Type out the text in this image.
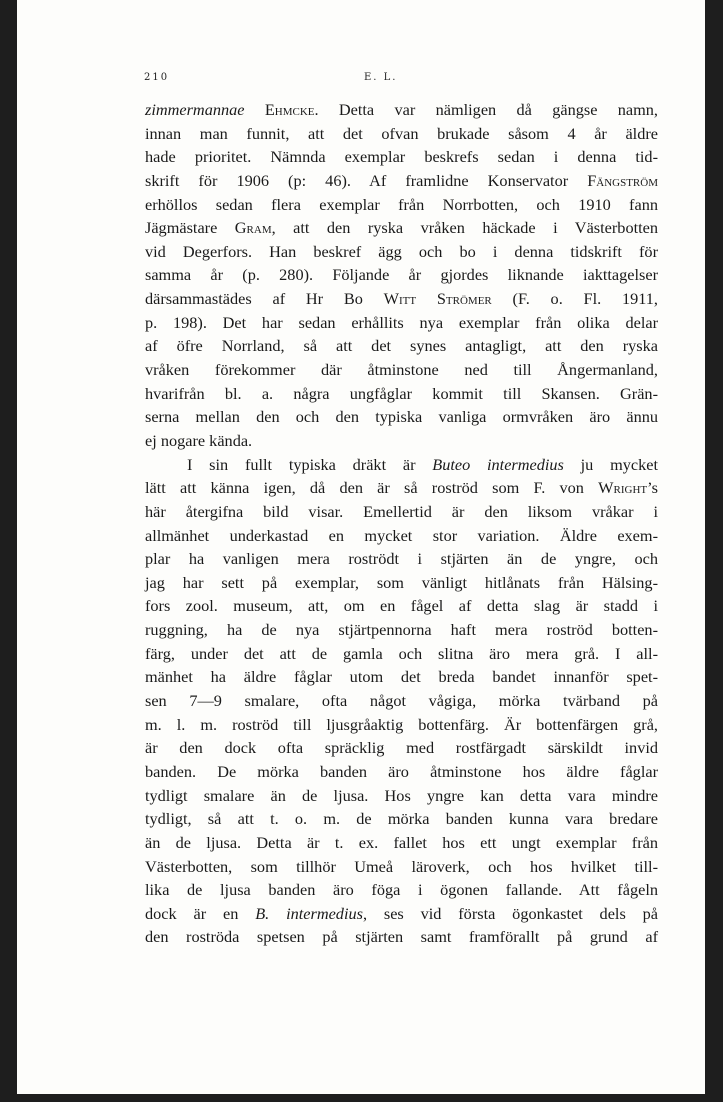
210	E. L.
zimmermannae Ehmcke. Detta var nämligen då gängse namn,
innan man funnit, att det ofvan brukade såsom 4 år äldre
hade prioritet. Nämnda exemplar beskrefs sedan i denna tid-
skrift för 1906 (p: 46). Af framlidne Konservator Fängström
erhöllos sedan flera exemplar från Norrbotten, och 1910 fann
Jägmästare Gram, att den ryska vråken häckade i Västerbotten
vid Degerfors. Han beskref ägg och bo i denna tidskrift för
samma år (p. 280). Följande år gjordes liknande iakttagelser
därsammastädes af Hr Bo Witt Strömer (F. o. Fl. 1911,
p. 198). Det har sedan erhållits nya exemplar från olika delar
af öfre Norrland, så att det synes antagligt, att den ryska
vråken förekommer där åtminstone ned till Ångermanland,
hvarifrån bl. a. några ungfåglar kommit till Skansen. Grän-
serna mellan den och den typiska vanliga ormvråken äro ännu
ej nogare kända.
I sin fullt typiska dräkt är Buteo intermedius ju mycket
lätt att känna igen, då den är så roströd som F. von Wright’s
här återgifna bild visar. Emellertid är den liksom vråkar i
allmänhet underkastad en mycket stor variation. Äldre exem-
plar ha vanligen mera roströdt i stjärten än de yngre, och
jag har sett på exemplar, som vänligt hitlånats från Hälsing-
fors zool. museum, att, om en fågel af detta slag är stadd i
ruggning, ha de nya stjärtpennorna haft mera roströd botten-
färg, under det att de gamla och slitna äro mera grå. I all-
mänhet ha äldre fåglar utom det breda bandet innanför spet-
sen 7—9 smalare, ofta något vågiga, mörka tvärband på
m. l. m. roströd till ljusgråaktig bottenfärg. Är bottenfärgen grå,
är den dock ofta spräcklig med rostfärgadt särskildt invid
banden. De mörka banden äro åtminstone hos äldre fåglar
tydligt smalare än de ljusa. Hos yngre kan detta vara mindre
tydligt, så att t. o. m. de mörka banden kunna vara bredare
än de ljusa. Detta är t. ex. fallet hos ett ungt exemplar från
Västerbotten, som tillhör Umeå läroverk, och hos hvilket till-
lika de ljusa banden äro föga i ögonen fallande. Att fågeln
dock är en B. intermedius, ses vid första ögonkastet dels på
den roströda spetsen på stjärten samt framförallt på grund af
